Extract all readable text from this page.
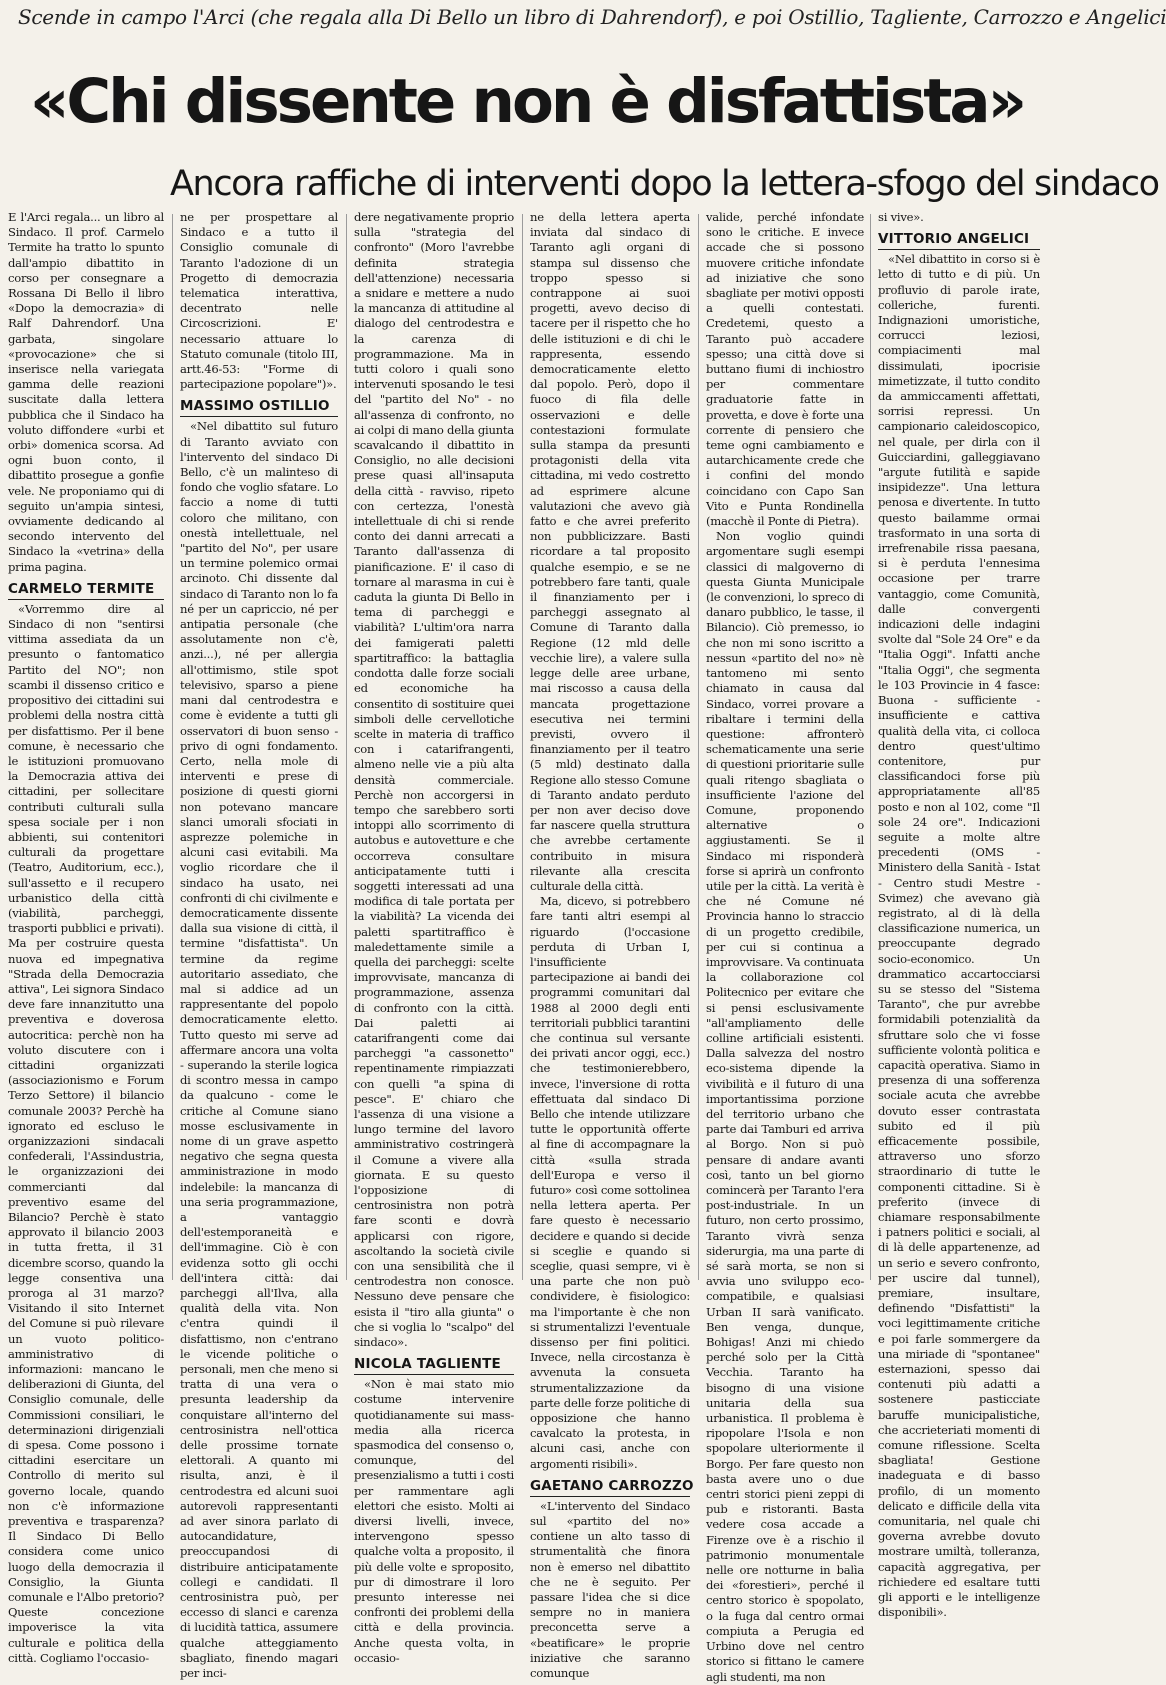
Scende in campo l'Arci (che regala alla Di Bello un libro di Dahrendorf), e poi Ostillio, Tagliente, Carrozzo e Angelici
«Chi dissente non è disfattista»
Ancora raffiche di interventi dopo la lettera-sfogo del sindaco

E l'Arci regala... un libro al Sindaco. Il prof. Carmelo Termite ha tratto lo spunto dall'ampio dibattito in corso per consegnare a Rossana Di Bello il libro «Dopo la democrazia» di Ralf Dahrendorf. Una garbata, singolare «provocazione» che si inserisce nella variegata gamma delle reazioni suscitate dalla lettera pubblica che il Sindaco ha voluto diffondere «urbi et orbi» domenica scorsa. Ad ogni buon conto, il dibattito prosegue a gonfie vele. Ne proponiamo qui di seguito un'ampia sintesi, ovviamente dedicando al secondo intervento del Sindaco la «vetrina» della prima pagina.

CARMELO TERMITE

«Vorremmo dire al Sindaco di non "sentirsi vittima assediata da un presunto o fantomatico Partito del NO"; non scambi il dissenso critico e propositivo dei cittadini sui problemi della nostra città per disfattismo. Per il bene comune, è necessario che le istituzioni promuovano la Democrazia attiva dei cittadini, per sollecitare contributi culturali sulla spesa sociale per i non abbienti, sui contenitori culturali da progettare (Teatro, Auditorium, ecc.), sull'assetto e il recupero urbanistico della città (viabilità, parcheggi, trasporti pubblici e privati). Ma per costruire questa nuova ed impegnativa "Strada della Democrazia attiva", Lei signora Sindaco deve fare innanzitutto una preventiva e doverosa autocritica: perchè non ha voluto discutere con i cittadini organizzati (associazionismo e Forum Terzo Settore) il bilancio comunale 2003? Perchè ha ignorato ed escluso le organizzazioni sindacali confederali, l'Assindustria, le organizzazioni dei commercianti dal preventivo esame del Bilancio? Perchè è stato approvato il bilancio 2003 in tutta fretta, il 31 dicembre scorso, quando la legge consentiva una proroga al 31 marzo? Visitando il sito Internet del Comune si può rilevare un vuoto politico-amministrativo di informazioni: mancano le deliberazioni di Giunta, del Consiglio comunale, delle Commissioni consiliari, le determinazioni dirigenziali di spesa. Come possono i cittadini esercitare un Controllo di merito sul governo locale, quando non c'è informazione preventiva e trasparenza? Il Sindaco Di Bello considera come unico luogo della democrazia il Consiglio, la Giunta comunale e l'Albo pretorio? Queste concezione impoverisce la vita culturale e politica della città. Cogliamo l'occasio-

ne per prospettare al Sindaco e a tutto il Consiglio comunale di Taranto l'adozione di un Progetto di democrazia telematica interattiva, decentrato nelle Circoscrizioni. E' necessario attuare lo Statuto comunale (titolo III, artt.46-53: "Forme di partecipazione popolare")».

MASSIMO OSTILLIO

«Nel dibattito sul futuro di Taranto avviato con l'intervento del sindaco Di Bello, c'è un malinteso di fondo che voglio sfatare. Lo faccio a nome di tutti coloro che militano, con onestà intellettuale, nel "partito del No", per usare un termine polemico ormai arcinoto. Chi dissente dal sindaco di Taranto non lo fa né per un capriccio, né per antipatia personale (che assolutamente non c'è, anzi...), né per allergia all'ottimismo, stile spot televisivo, sparso a piene mani dal centrodestra e come è evidente a tutti gli osservatori di buon senso - privo di ogni fondamento. Certo, nella mole di interventi e prese di posizione di questi giorni non potevano mancare slanci umorali sfociati in asprezze polemiche in alcuni casi evitabili. Ma voglio ricordare che il sindaco ha usato, nei confronti di chi civilmente e democraticamente dissente dalla sua visione di città, il termine "disfattista". Un termine da regime autoritario assediato, che mal si addice ad un rappresentante del popolo democraticamente eletto. Tutto questo mi serve ad affermare ancora una volta - superando la sterile logica di scontro messa in campo da qualcuno - come le critiche al Comune siano mosse esclusivamente in nome di un grave aspetto negativo che segna questa amministrazione in modo indelebile: la mancanza di una seria programmazione, a vantaggio dell'estemporaneità e dell'immagine. Ciò è con evidenza sotto gli occhi dell'intera città: dai parcheggi all'Ilva, alla qualità della vita. Non c'entra quindi il disfattismo, non c'entrano le vicende politiche o personali, men che meno si tratta di una vera o presunta leadership da conquistare all'interno del centrosinistra nell'ottica delle prossime tornate elettorali. A quanto mi risulta, anzi, è il centrodestra ed alcuni suoi autorevoli rappresentanti ad aver sinora parlato di autocandidature, preoccupandosi di distribuire anticipatamente collegi e candidati. Il centrosinistra può, per eccesso di slanci e carenza di lucidità tattica, assumere qualche atteggiamento sbagliato, finendo magari per inci-

dere negativamente proprio sulla "strategia del confronto" (Moro l'avrebbe definita strategia dell'attenzione) necessaria a snidare e mettere a nudo la mancanza di attitudine al dialogo del centrodestra e la carenza di programmazione. Ma in tutti coloro i quali sono intervenuti sposando le tesi del "partito del No" - no all'assenza di confronto, no ai colpi di mano della giunta scavalcando il dibattito in Consiglio, no alle decisioni prese quasi all'insaputa della città - ravviso, ripeto con certezza, l'onestà intellettuale di chi si rende conto dei danni arrecati a Taranto dall'assenza di pianificazione. E' il caso di tornare al marasma in cui è caduta la giunta Di Bello in tema di parcheggi e viabilità? L'ultim'ora narra dei famigerati paletti spartitraffico: la battaglia condotta dalle forze sociali ed economiche ha consentito di sostituire quei simboli delle cervellotiche scelte in materia di traffico con i catarifrangenti, almeno nelle vie a più alta densità commerciale. Perchè non accorgersi in tempo che sarebbero sorti intoppi allo scorrimento di autobus e autovetture e che occorreva consultare anticipatamente tutti i soggetti interessati ad una modifica di tale portata per la viabilità? La vicenda dei paletti spartitraffico è maledettamente simile a quella dei parcheggi: scelte improvvisate, mancanza di programmazione, assenza di confronto con la città. Dai paletti ai catarifrangenti come dai parcheggi "a cassonetto" repentinamente rimpiazzati con quelli "a spina di pesce". E' chiaro che l'assenza di una visione a lungo termine del lavoro amministrativo costringerà il Comune a vivere alla giornata. E su questo l'opposizione di centrosinistra non potrà fare sconti e dovrà applicarsi con rigore, ascoltando la società civile con una sensibilità che il centrodestra non conosce. Nessuno deve pensare che esista il "tiro alla giunta" o che si voglia lo "scalpo" del sindaco».

NICOLA TAGLIENTE

«Non è mai stato mio costume intervenire quotidianamente sui mass-media alla ricerca spasmodica del consenso o, comunque, del presenzialismo a tutti i costi per rammentare agli elettori che esisto. Molti ai diversi livelli, invece, intervengono spesso qualche volta a proposito, il più delle volte e sproposito, pur di dimostrare il loro presunto interesse nei confronti dei problemi della città e della provincia. Anche questa volta, in occasio-

ne della lettera aperta inviata dal sindaco di Taranto agli organi di stampa sul dissenso che troppo spesso si contrappone ai suoi progetti, avevo deciso di tacere per il rispetto che ho delle istituzioni e di chi le rappresenta, essendo democraticamente eletto dal popolo. Però, dopo il fuoco di fila delle osservazioni e delle contestazioni formulate sulla stampa da presunti protagonisti della vita cittadina, mi vedo costretto ad esprimere alcune valutazioni che avevo già fatto e che avrei preferito non pubblicizzare. Basti ricordare a tal proposito qualche esempio, e se ne potrebbero fare tanti, quale il finanziamento per i parcheggi assegnato al Comune di Taranto dalla Regione (12 mld delle vecchie lire), a valere sulla legge delle aree urbane, mai riscosso a causa della mancata progettazione esecutiva nei termini previsti, ovvero il finanziamento per il teatro (5 mld) destinato dalla Regione allo stesso Comune di Taranto andato perduto per non aver deciso dove far nascere quella struttura che avrebbe certamente contribuito in misura rilevante alla crescita culturale della città.

Ma, dicevo, si potrebbero fare tanti altri esempi al riguardo (l'occasione perduta di Urban I, l'insufficiente partecipazione ai bandi dei programmi comunitari dal 1988 al 2000 degli enti territoriali pubblici tarantini che continua sul versante dei privati ancor oggi, ecc.) che testimonierebbero, invece, l'inversione di rotta effettuata dal sindaco Di Bello che intende utilizzare tutte le opportunità offerte al fine di accompagnare la città «sulla strada dell'Europa e verso il futuro» così come sottolinea nella lettera aperta. Per fare questo è necessario decidere e quando si decide si sceglie e quando si sceglie, quasi sempre, vi è una parte che non può condividere, è fisiologico: ma l'importante è che non si strumentalizzi l'eventuale dissenso per fini politici. Invece, nella circostanza è avvenuta la consueta strumentalizzazione da parte delle forze politiche di opposizione che hanno cavalcato la protesta, in alcuni casi, anche con argomenti risibili».

GAETANO CARROZZO

«L'intervento del Sindaco sul «partito del no» contiene un alto tasso di strumentalità che finora non è emerso nel dibattito che ne è seguito. Per passare l'idea che si dice sempre no in maniera preconcetta serve a «beatificare» le proprie iniziative che saranno comunque

valide, perché infondate sono le critiche. E invece accade che si possono muovere critiche infondate ad iniziative che sono sbagliate per motivi opposti a quelli contestati. Credetemi, questo a Taranto può accadere spesso; una città dove si buttano fiumi di inchiostro per commentare graduatorie fatte in provetta, e dove è forte una corrente di pensiero che teme ogni cambiamento e autarchicamente crede che i confini del mondo coincidano con Capo San Vito e Punta Rondinella (macchè il Ponte di Pietra).

Non voglio quindi argomentare sugli esempi classici di malgoverno di questa Giunta Municipale (le convenzioni, lo spreco di danaro pubblico, le tasse, il Bilancio). Ciò premesso, io che non mi sono iscritto a nessun «partito del no» nè tantomeno mi sento chiamato in causa dal Sindaco, vorrei provare a ribaltare i termini della questione: affronterò schematicamente una serie di questioni prioritarie sulle quali ritengo sbagliata o insufficiente l'azione del Comune, proponendo alternative o aggiustamenti. Se il Sindaco mi risponderà forse si aprirà un confronto utile per la città. La verità è che né Comune né Provincia hanno lo straccio di un progetto credibile, per cui si continua a improvvisare. Va continuata la collaborazione col Politecnico per evitare che si pensi esclusivamente "all'ampliamento delle colline artificiali esistenti. Dalla salvezza del nostro eco-sistema dipende la vivibilità e il futuro di una importantissima porzione del territorio urbano che parte dai Tamburi ed arriva al Borgo. Non si può pensare di andare avanti così, tanto un bel giorno comincerà per Taranto l'era post-industriale. In un futuro, non certo prossimo, Taranto vivrà senza siderurgia, ma una parte di sé sarà morta, se non si avvia uno sviluppo eco-compatibile, e qualsiasi Urban II sarà vanificato. Ben venga, dunque, Bohigas! Anzi mi chiedo perché solo per la Città Vecchia. Taranto ha bisogno di una visione unitaria della sua urbanistica. Il problema è ripopolare l'Isola e non spopolare ulteriormente il Borgo. Per fare questo non basta avere uno o due centri storici pieni zeppi di pub e ristoranti. Basta vedere cosa accade a Firenze ove è a rischio il patrimonio monumentale nelle ore notturne in balìa dei «forestieri», perché il centro storico è spopolato, o la fuga dal centro ormai compiuta a Perugia ed Urbino dove nel centro storico si fittano le camere agli studenti, ma non

si vive».

VITTORIO ANGELICI

«Nel dibattito in corso si è letto di tutto e di più. Un profluvio di parole irate, colleriche, furenti. Indignazioni umoristiche, corrucci leziosi, compiacimenti mal dissimulati, ipocrisie mimetizzate, il tutto condito da ammiccamenti affettati, sorrisi repressi. Un campionario caleidoscopico, nel quale, per dirla con il Guicciardini, galleggiavano "argute futilità e sapide insipidezze". Una lettura penosa e divertente. In tutto questo bailamme ormai trasformato in una sorta di irrefrenabile rissa paesana, si è perduta l'ennesima occasione per trarre vantaggio, come Comunità, dalle convergenti indicazioni delle indagini svolte dal "Sole 24 Ore" e da "Italia Oggi". Infatti anche "Italia Oggi", che segmenta le 103 Provincie in 4 fasce: Buona - sufficiente - insufficiente e cattiva qualità della vita, ci colloca dentro quest'ultimo contenitore, pur classificandoci forse più appropriatamente all'85 posto e non al 102, come "Il sole 24 ore". Indicazioni seguite a molte altre precedenti (OMS - Ministero della Sanità - Istat - Centro studi Mestre - Svimez) che avevano già registrato, al di là della classificazione numerica, un preoccupante degrado socio-economico. Un drammatico accartocciarsi su se stesso del "Sistema Taranto", che pur avrebbe formidabili potenzialità da sfruttare solo che vi fosse sufficiente volontà politica e capacità operativa. Siamo in presenza di una sofferenza sociale acuta che avrebbe dovuto esser contrastata subito ed il più efficacemente possibile, attraverso uno sforzo straordinario di tutte le componenti cittadine. Si è preferito (invece di chiamare responsabilmente i patners politici e sociali, al di là delle appartenenze, ad un serio e severo confronto, per uscire dal tunnel), premiare, insultare, definendo "Disfattisti" la voci legittimamente critiche e poi farle sommergere da una miriade di "spontanee" esternazioni, spesso dai contenuti più adatti a sostenere pasticciate baruffe municipalistiche, che accrieteriati momenti di comune riflessione. Scelta sbagliata! Gestione inadeguata e di basso profilo, di un momento delicato e difficile della vita comunitaria, nel quale chi governa avrebbe dovuto mostrare umiltà, tolleranza, capacità aggregativa, per richiedere ed esaltare tutti gli apporti e le intelligenze disponibili».
